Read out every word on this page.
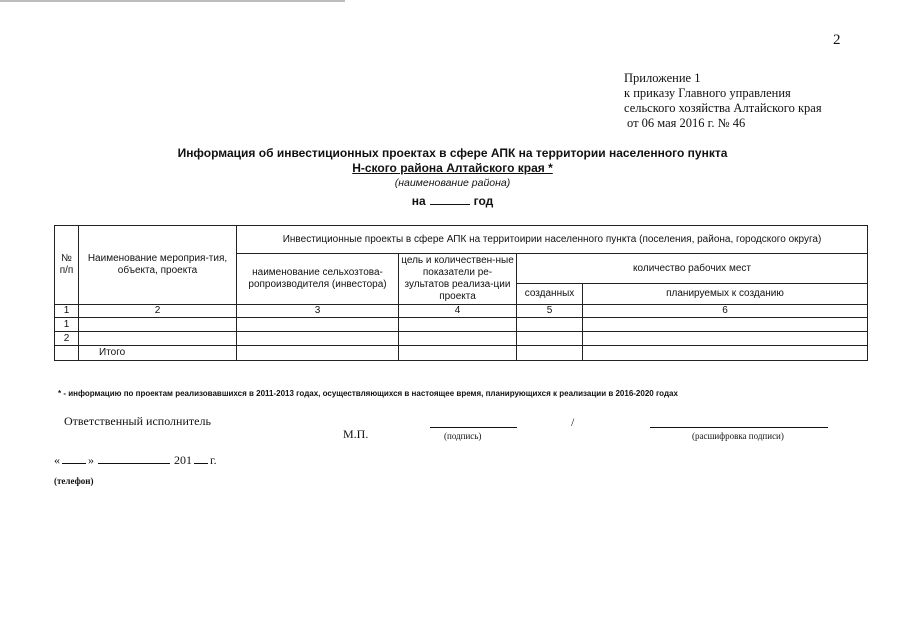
2
Приложение 1
к приказу Главного управления
сельского хозяйства Алтайского края
от 06 мая 2016 г. № 46
Информация об инвестиционных проектах в сфере АПК на территории населенного пункта
Н-ского района Алтайского края *
(наименование района)
на	год
№ п/п	Наименование мероприя-тия, объекта, проекта	Инвестиционные проекты в сфере АПК на территоирии населенного пункта (поселения, района, городского округа)			
		наименование сельхозтова-ропроизводителя (инвестора)	цель и количествен-ные показатели ре-зультатов реализа-ции проекта	количество рабочих мест	
				созданных	планируемых к созданию
1	2	3	4	5	6
1					
2					
	Итого				
* - информацию по проектам реализовавшихся в 2011-2013 годах, осуществляющихся в настоящее время, планирующихся к реализации в 2016-2020 годах
Ответственный исполнитель
М.П.	(подпись)
/
(расшифровка подписи)
« »	201 г.
(телефон)
